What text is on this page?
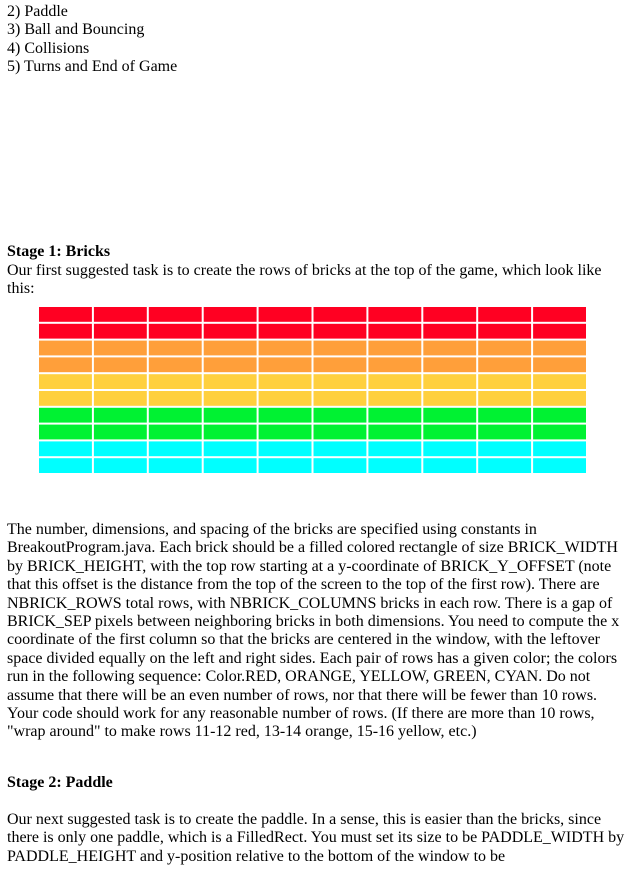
2) Paddle
3) Ball and Bouncing
4) Collisions
5) Turns and End of Game
Stage 1: Bricks
Our first suggested task is to create the rows of bricks at the top of the game, which look like
this:
The number, dimensions, and spacing of the bricks are specified using constants in
BreakoutProgram.java. Each brick should be a filled colored rectangle of size BRICK_WIDTH
by BRICK_HEIGHT, with the top row starting at a y-coordinate of BRICK_Y_OFFSET (note
that this offset is the distance from the top of the screen to the top of the first row). There are
NBRICK_ROWS total rows, with NBRICK_COLUMNS bricks in each row. There is a gap of
BRICK_SEP pixels between neighboring bricks in both dimensions. You need to compute the x
coordinate of the first column so that the bricks are centered in the window, with the leftover
space divided equally on the left and right sides. Each pair of rows has a given color; the colors
run in the following sequence: Color.RED, ORANGE, YELLOW, GREEN, CYAN. Do not
assume that there will be an even number of rows, nor that there will be fewer than 10 rows.
Your code should work for any reasonable number of rows. (If there are more than 10 rows,
"wrap around" to make rows 11-12 red, 13-14 orange, 15-16 yellow, etc.)
Stage 2: Paddle
Our next suggested task is to create the paddle. In a sense, this is easier than the bricks, since
there is only one paddle, which is a FilledRect. You must set its size to be PADDLE_WIDTH by
PADDLE_HEIGHT and y-position relative to the bottom of the window to be
